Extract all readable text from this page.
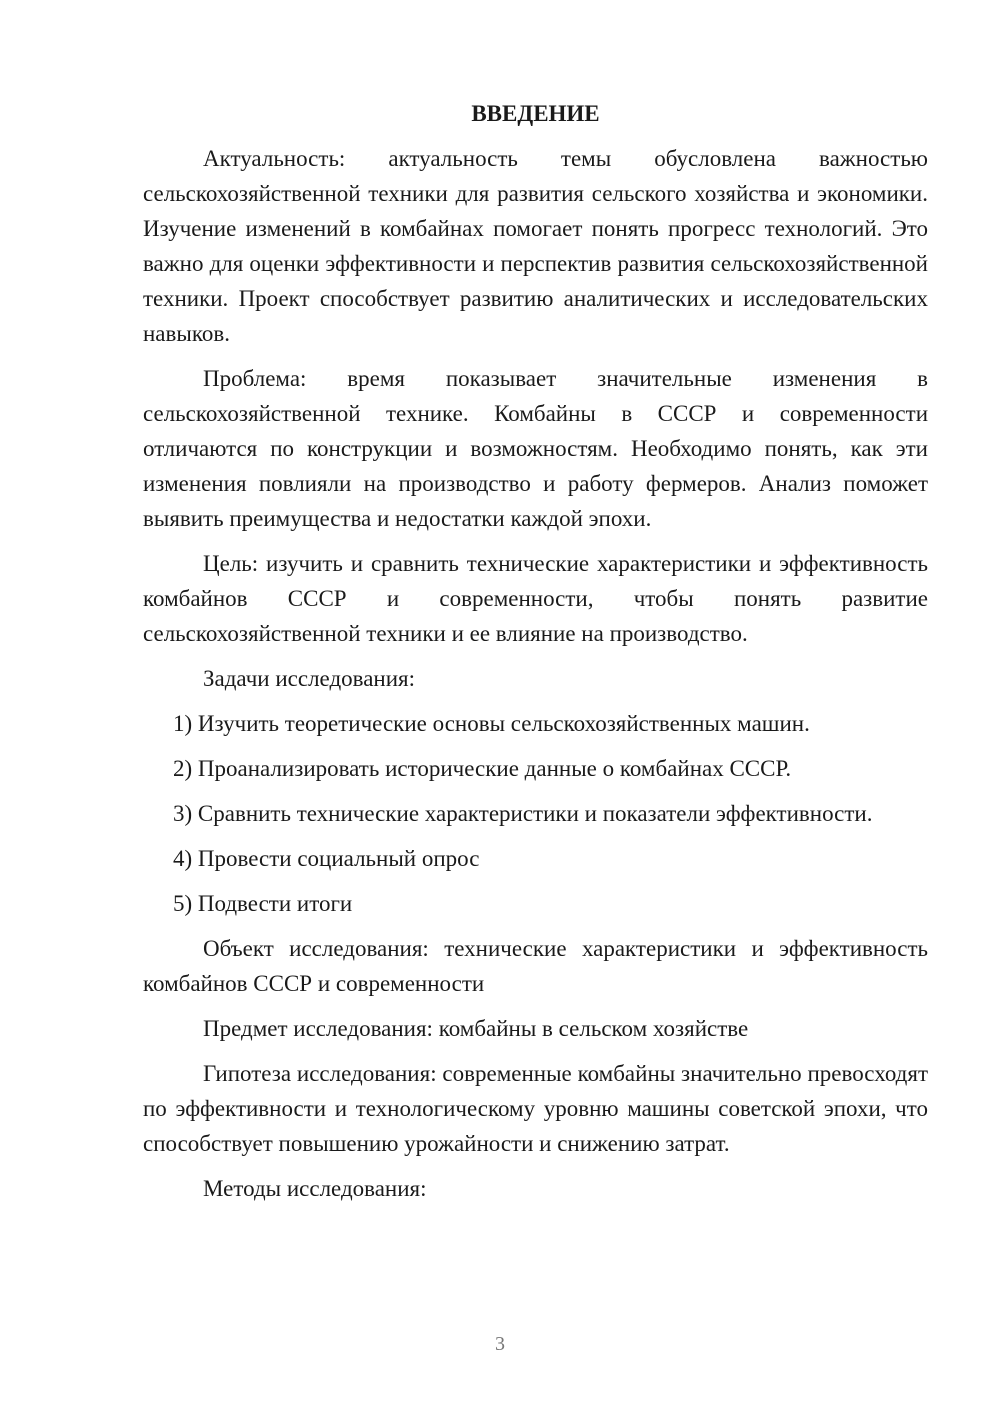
ВВЕДЕНИЕ

Актуальность: актуальность темы обусловлена важностью сельскохозяйственной техники для развития сельского хозяйства и экономики. Изучение изменений в комбайнах помогает понять прогресс технологий. Это важно для оценки эффективности и перспектив развития сельскохозяйственной техники. Проект способствует развитию аналитических и исследовательских навыков.

Проблема: время показывает значительные изменения в сельскохозяйственной технике. Комбайны в СССР и современности отличаются по конструкции и возможностям. Необходимо понять, как эти изменения повлияли на производство и работу фермеров. Анализ поможет выявить преимущества и недостатки каждой эпохи.

Цель: изучить и сравнить технические характеристики и эффективность комбайнов СССР и современности, чтобы понять развитие сельскохозяйственной техники и ее влияние на производство.

Задачи исследования:

1) Изучить теоретические основы сельскохозяйственных машин.

2) Проанализировать исторические данные о комбайнах СССР.

3) Сравнить технические характеристики и показатели эффективности.

4) Провести социальный опрос

5) Подвести итоги

Объект исследования: технические характеристики и эффективность комбайнов СССР и современности

Предмет исследования: комбайны в сельском хозяйстве

Гипотеза исследования: современные комбайны значительно превосходят по эффективности и технологическому уровню машины советской эпохи, что способствует повышению урожайности и снижению затрат.

Методы исследования:

3
